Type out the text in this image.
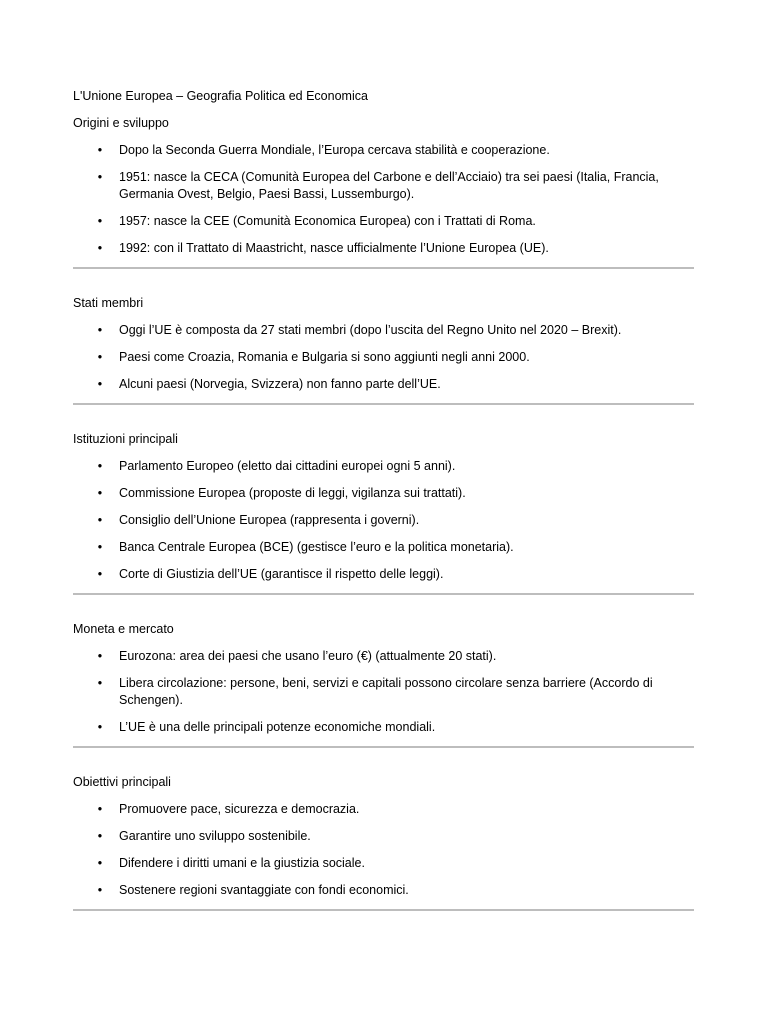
L'Unione Europea – Geografia Politica ed Economica
Origini e sviluppo
• Dopo la Seconda Guerra Mondiale, l’Europa cercava stabilità e cooperazione.
• 1951: nasce la CECA (Comunità Europea del Carbone e dell’Acciaio) tra sei paesi (Italia, Francia, Germania Ovest, Belgio, Paesi Bassi, Lussemburgo).
• 1957: nasce la CEE (Comunità Economica Europea) con i Trattati di Roma.
• 1992: con il Trattato di Maastricht, nasce ufficialmente l’Unione Europea (UE).
Stati membri
• Oggi l’UE è composta da 27 stati membri (dopo l’uscita del Regno Unito nel 2020 – Brexit).
• Paesi come Croazia, Romania e Bulgaria si sono aggiunti negli anni 2000.
• Alcuni paesi (Norvegia, Svizzera) non fanno parte dell’UE.
Istituzioni principali
• Parlamento Europeo (eletto dai cittadini europei ogni 5 anni).
• Commissione Europea (proposte di leggi, vigilanza sui trattati).
• Consiglio dell’Unione Europea (rappresenta i governi).
• Banca Centrale Europea (BCE) (gestisce l’euro e la politica monetaria).
• Corte di Giustizia dell’UE (garantisce il rispetto delle leggi).
Moneta e mercato
• Eurozona: area dei paesi che usano l’euro (€) (attualmente 20 stati).
• Libera circolazione: persone, beni, servizi e capitali possono circolare senza barriere (Accordo di Schengen).
• L’UE è una delle principali potenze economiche mondiali.
Obiettivi principali
• Promuovere pace, sicurezza e democrazia.
• Garantire uno sviluppo sostenibile.
• Difendere i diritti umani e la giustizia sociale.
• Sostenere regioni svantaggiate con fondi economici.
